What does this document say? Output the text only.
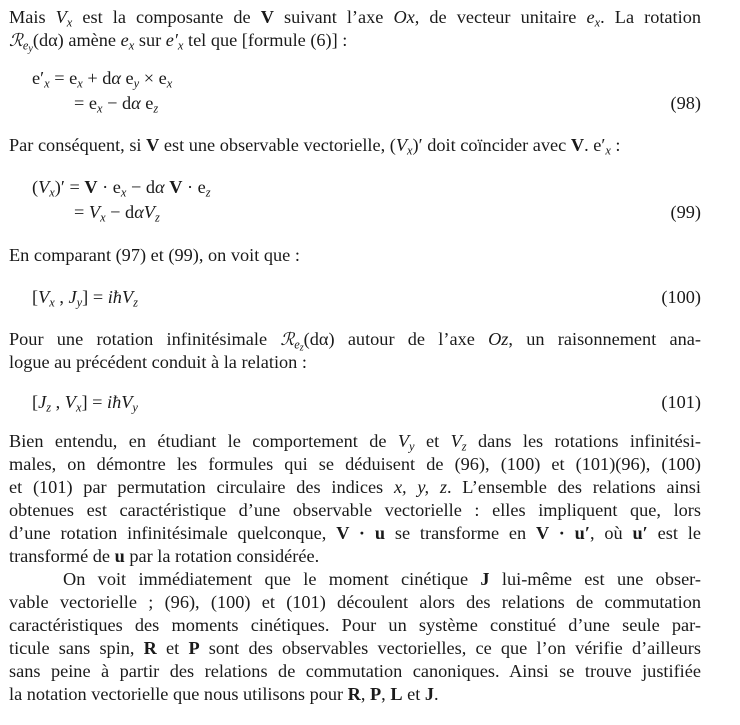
Mais $V_x$ est la composante de V suivant l’axe Ox, de vecteur unitaire $e_x$. La rotation
ℛ$_{ey}$(dα) amène $e_x$ sur $e'_x$ tel que [formule (6)] :
$e'_x = e_x + d\alpha$ $e_y \times e_x$
= $e_x - d\alpha$ $e_z$	(98)
Par conséquent, si V est une observable vectorielle, $(V_x)'$ doit coïncider avec V. $e'_x$ :
$(V_x)' = V \cdot e_x - d\alpha$ $V \cdot e_z$
= $V_x - d\alpha V_z$	(99)
En comparant (97) et (99), on voit que :
[$V_x$ , $J_y$] = iħV$_z$	(100)
Pour une rotation infinitésimale ℛ$_{ez}$(dα) autour de l’axe Oz, un raisonnement ana-
logue au précédent conduit à la relation :
[$J_z$ , $V_x$] = iħV$_y$	(101)
Bien entendu, en étudiant le comportement de $V_y$ et $V_z$ dans les rotations infinitési-
males, on démontre les formules qui se déduisent de (96), (100) et (101)(96), (100)
et (101) par permutation circulaire des indices x, y, z. L’ensemble des relations ainsi
obtenues est caractéristique d’une observable vectorielle : elles impliquent que, lors
d’une rotation infinitésimale quelconque, V · u se transforme en V · u′, où u′ est le
transformé de u par la rotation considérée.
On voit immédiatement que le moment cinétique J lui-même est une obser-
vable vectorielle ; (96), (100) et (101) découlent alors des relations de commutation
caractéristiques des moments cinétiques. Pour un système constitué d’une seule par-
ticule sans spin, R et P sont des observables vectorielles, ce que l’on vérifie d’ailleurs
sans peine à partir des relations de commutation canoniques. Ainsi se trouve justifiée
la notation vectorielle que nous utilisons pour R, P, L et J.
